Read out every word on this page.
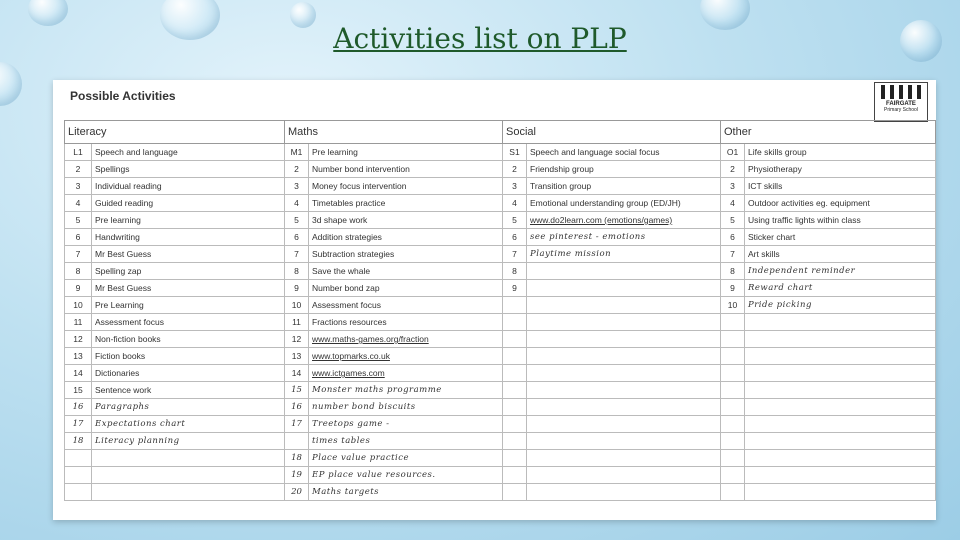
Activities list on PLP
Possible Activities
FAIRGATE
Primary School
Literacy		Maths		Social		Other	
L1	Speech and language	M1	Pre learning	S1	Speech and language social focus	O1	Life skills group
2	Spellings	2	Number bond intervention	2	Friendship group	2	Physiotherapy
3	Individual reading	3	Money focus intervention	3	Transition group	3	ICT skills
4	Guided reading	4	Timetables practice	4	Emotional understanding group (ED/JH)	4	Outdoor activities eg. equipment
5	Pre learning	5	3d shape work	5	www.do2learn.com (emotions/games)	5	Using traffic lights within class
6	Handwriting	6	Addition strategies	6	see pinterest - emotions	6	Sticker chart
7	Mr Best Guess	7	Subtraction strategies	7	Playtime mission	7	Art skills
8	Spelling zap	8	Save the whale	8		8	Independent reminder
9	Mr Best Guess	9	Number bond zap	9		9	Reward chart
10	Pre Learning	10	Assessment focus			10	Pride picking
11	Assessment focus	11	Fractions resources				
12	Non-fiction books	12	www.maths-games.org/fraction				
13	Fiction books	13	www.topmarks.co.uk				
14	Dictionaries	14	www.ictgames.com				
15	Sentence work	15	Monster maths programme				
16	Paragraphs	16	number bond biscuits				
17	Expectations chart	17	Treetops game -				
18	Literacy planning		times tables				
		18	Place value practice				
		19	EP place value resources.				
		20	Maths targets				
